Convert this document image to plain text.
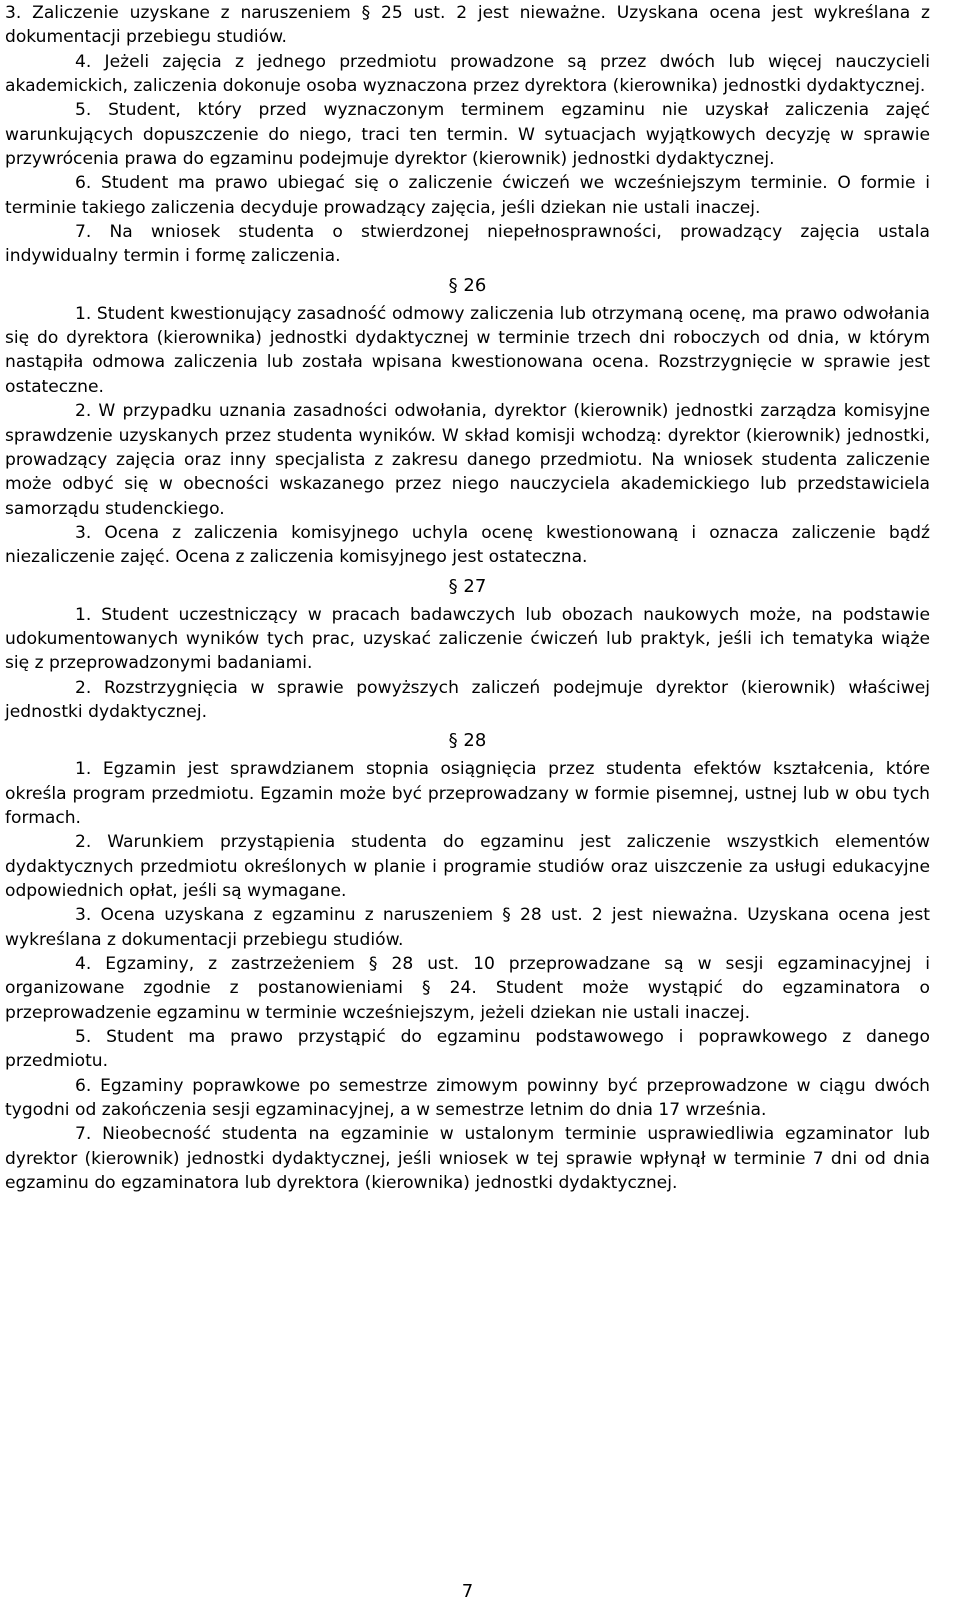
3. Zaliczenie uzyskane z naruszeniem § 25 ust. 2 jest nieważne. Uzyskana ocena jest wykreślana z dokumentacji przebiegu studiów.

4. Jeżeli zajęcia z jednego przedmiotu prowadzone są przez dwóch lub więcej nauczycieli akademickich, zaliczenia dokonuje osoba wyznaczona przez dyrektora (kierownika) jednostki dydaktycznej.

5. Student, który przed wyznaczonym terminem egzaminu nie uzyskał zaliczenia zajęć warunkujących dopuszczenie do niego, traci ten termin. W sytuacjach wyjątkowych decyzję w sprawie przywrócenia prawa do egzaminu podejmuje dyrektor (kierownik) jednostki dydaktycznej.

6. Student ma prawo ubiegać się o zaliczenie ćwiczeń we wcześniejszym terminie. O formie i terminie takiego zaliczenia decyduje prowadzący zajęcia, jeśli dziekan nie ustali inaczej.

7. Na wniosek studenta o stwierdzonej niepełnosprawności, prowadzący zajęcia ustala indywidualny termin i formę zaliczenia.

§ 26

1. Student kwestionujący zasadność odmowy zaliczenia lub otrzymaną ocenę, ma prawo odwołania się do dyrektora (kierownika) jednostki dydaktycznej w terminie trzech dni roboczych od dnia, w którym nastąpiła odmowa zaliczenia lub została wpisana kwestionowana ocena. Rozstrzygnięcie w sprawie jest ostateczne.

2. W przypadku uznania zasadności odwołania, dyrektor (kierownik) jednostki zarządza komisyjne sprawdzenie uzyskanych przez studenta wyników. W skład komisji wchodzą: dyrektor (kierownik) jednostki, prowadzący zajęcia oraz inny specjalista z zakresu danego przedmiotu. Na wniosek studenta zaliczenie może odbyć się w obecności wskazanego przez niego nauczyciela akademickiego lub przedstawiciela samorządu studenckiego.

3. Ocena z zaliczenia komisyjnego uchyla ocenę kwestionowaną i oznacza zaliczenie bądź niezaliczenie zajęć. Ocena z zaliczenia komisyjnego jest ostateczna.

§ 27

1. Student uczestniczący w pracach badawczych lub obozach naukowych może, na podstawie udokumentowanych wyników tych prac, uzyskać zaliczenie ćwiczeń lub praktyk, jeśli ich tematyka wiąże się z przeprowadzonymi badaniami.

2. Rozstrzygnięcia w sprawie powyższych zaliczeń podejmuje dyrektor (kierownik) właściwej jednostki dydaktycznej.

§ 28

1. Egzamin jest sprawdzianem stopnia osiągnięcia przez studenta efektów kształcenia, które określa program przedmiotu. Egzamin może być przeprowadzany w formie pisemnej, ustnej lub w obu tych formach.

2. Warunkiem przystąpienia studenta do egzaminu jest zaliczenie wszystkich elementów dydaktycznych przedmiotu określonych w planie i programie studiów oraz uiszczenie za usługi edukacyjne odpowiednich opłat, jeśli są wymagane.

3. Ocena uzyskana z egzaminu z naruszeniem § 28 ust. 2 jest nieważna. Uzyskana ocena jest wykreślana z dokumentacji przebiegu studiów.

4. Egzaminy, z zastrzeżeniem § 28 ust. 10 przeprowadzane są w sesji egzaminacyjnej i organizowane zgodnie z postanowieniami § 24. Student może wystąpić do egzaminatora o przeprowadzenie egzaminu w terminie wcześniejszym, jeżeli dziekan nie ustali inaczej.

5. Student ma prawo przystąpić do egzaminu podstawowego i poprawkowego z danego przedmiotu.

6. Egzaminy poprawkowe po semestrze zimowym powinny być przeprowadzone w ciągu dwóch tygodni od zakończenia sesji egzaminacyjnej, a w semestrze letnim do dnia 17 września.

7. Nieobecność studenta na egzaminie w ustalonym terminie usprawiedliwia egzaminator lub dyrektor (kierownik) jednostki dydaktycznej, jeśli wniosek w tej sprawie wpłynął w terminie 7 dni od dnia egzaminu do egzaminatora lub dyrektora (kierownika) jednostki dydaktycznej.

7
